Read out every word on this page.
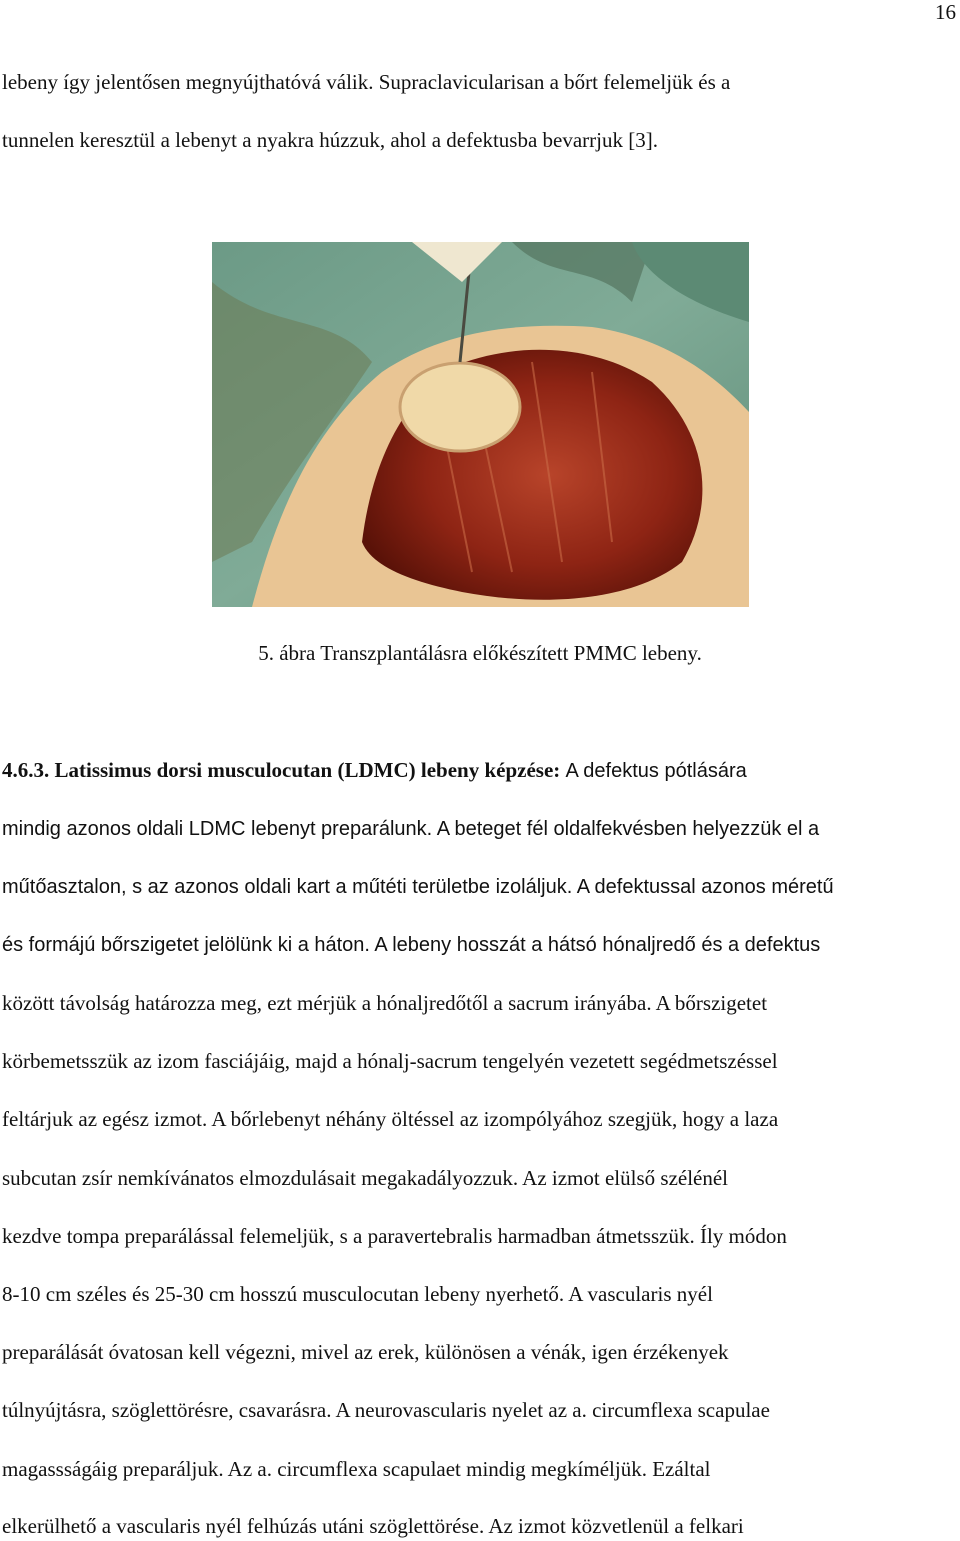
16
lebeny így jelentősen megnyújthatóvá válik. Supraclavicularisan a bőrt felemeljük és a
tunnelen keresztül a lebenyt a nyakra húzzuk, ahol a defektusba bevarrjuk [3].
5. ábra Transzplantálásra előkészített PMMC lebeny.
4.6.3. Latissimus dorsi musculocutan (LDMC) lebeny képzése: A defektus pótlására
mindig azonos oldali LDMC lebenyt preparálunk. A beteget fél oldalfekvésben helyezzük el a
műtőasztalon, s az azonos oldali kart a műtéti területbe izoláljuk. A defektussal azonos méretű
és formájú bőrszigetet jelölünk ki a háton. A lebeny hosszát a hátsó hónaljredő és a defektus
között távolság határozza meg, ezt mérjük a hónaljredőtől a sacrum irányába. A bőrszigetet
körbemetsszük az izom fasciájáig, majd a hónalj-sacrum tengelyén vezetett segédmetszéssel
feltárjuk az egész izmot. A bőrlebenyt néhány öltéssel az izompólyához szegjük, hogy a laza
subcutan zsír nemkívánatos elmozdulásait megakadályozzuk. Az izmot elülső szélénél
kezdve tompa preparálással felemeljük, s a paravertebralis harmadban átmetsszük. Íly módon
8-10 cm széles és 25-30 cm hosszú musculocutan lebeny nyerhető. A vascularis nyél
preparálását óvatosan kell végezni, mivel az erek, különösen a vénák, igen érzékenyek
túlnyújtásra, szöglettörésre, csavarásra. A neurovascularis nyelet az a. circumflexa scapulae
magassságáig preparáljuk. Az a. circumflexa scapulaet mindig megkíméljük. Ezáltal
elkerülhető a vascularis nyél felhúzás utáni szöglettörése. Az izmot közvetlenül a felkari
